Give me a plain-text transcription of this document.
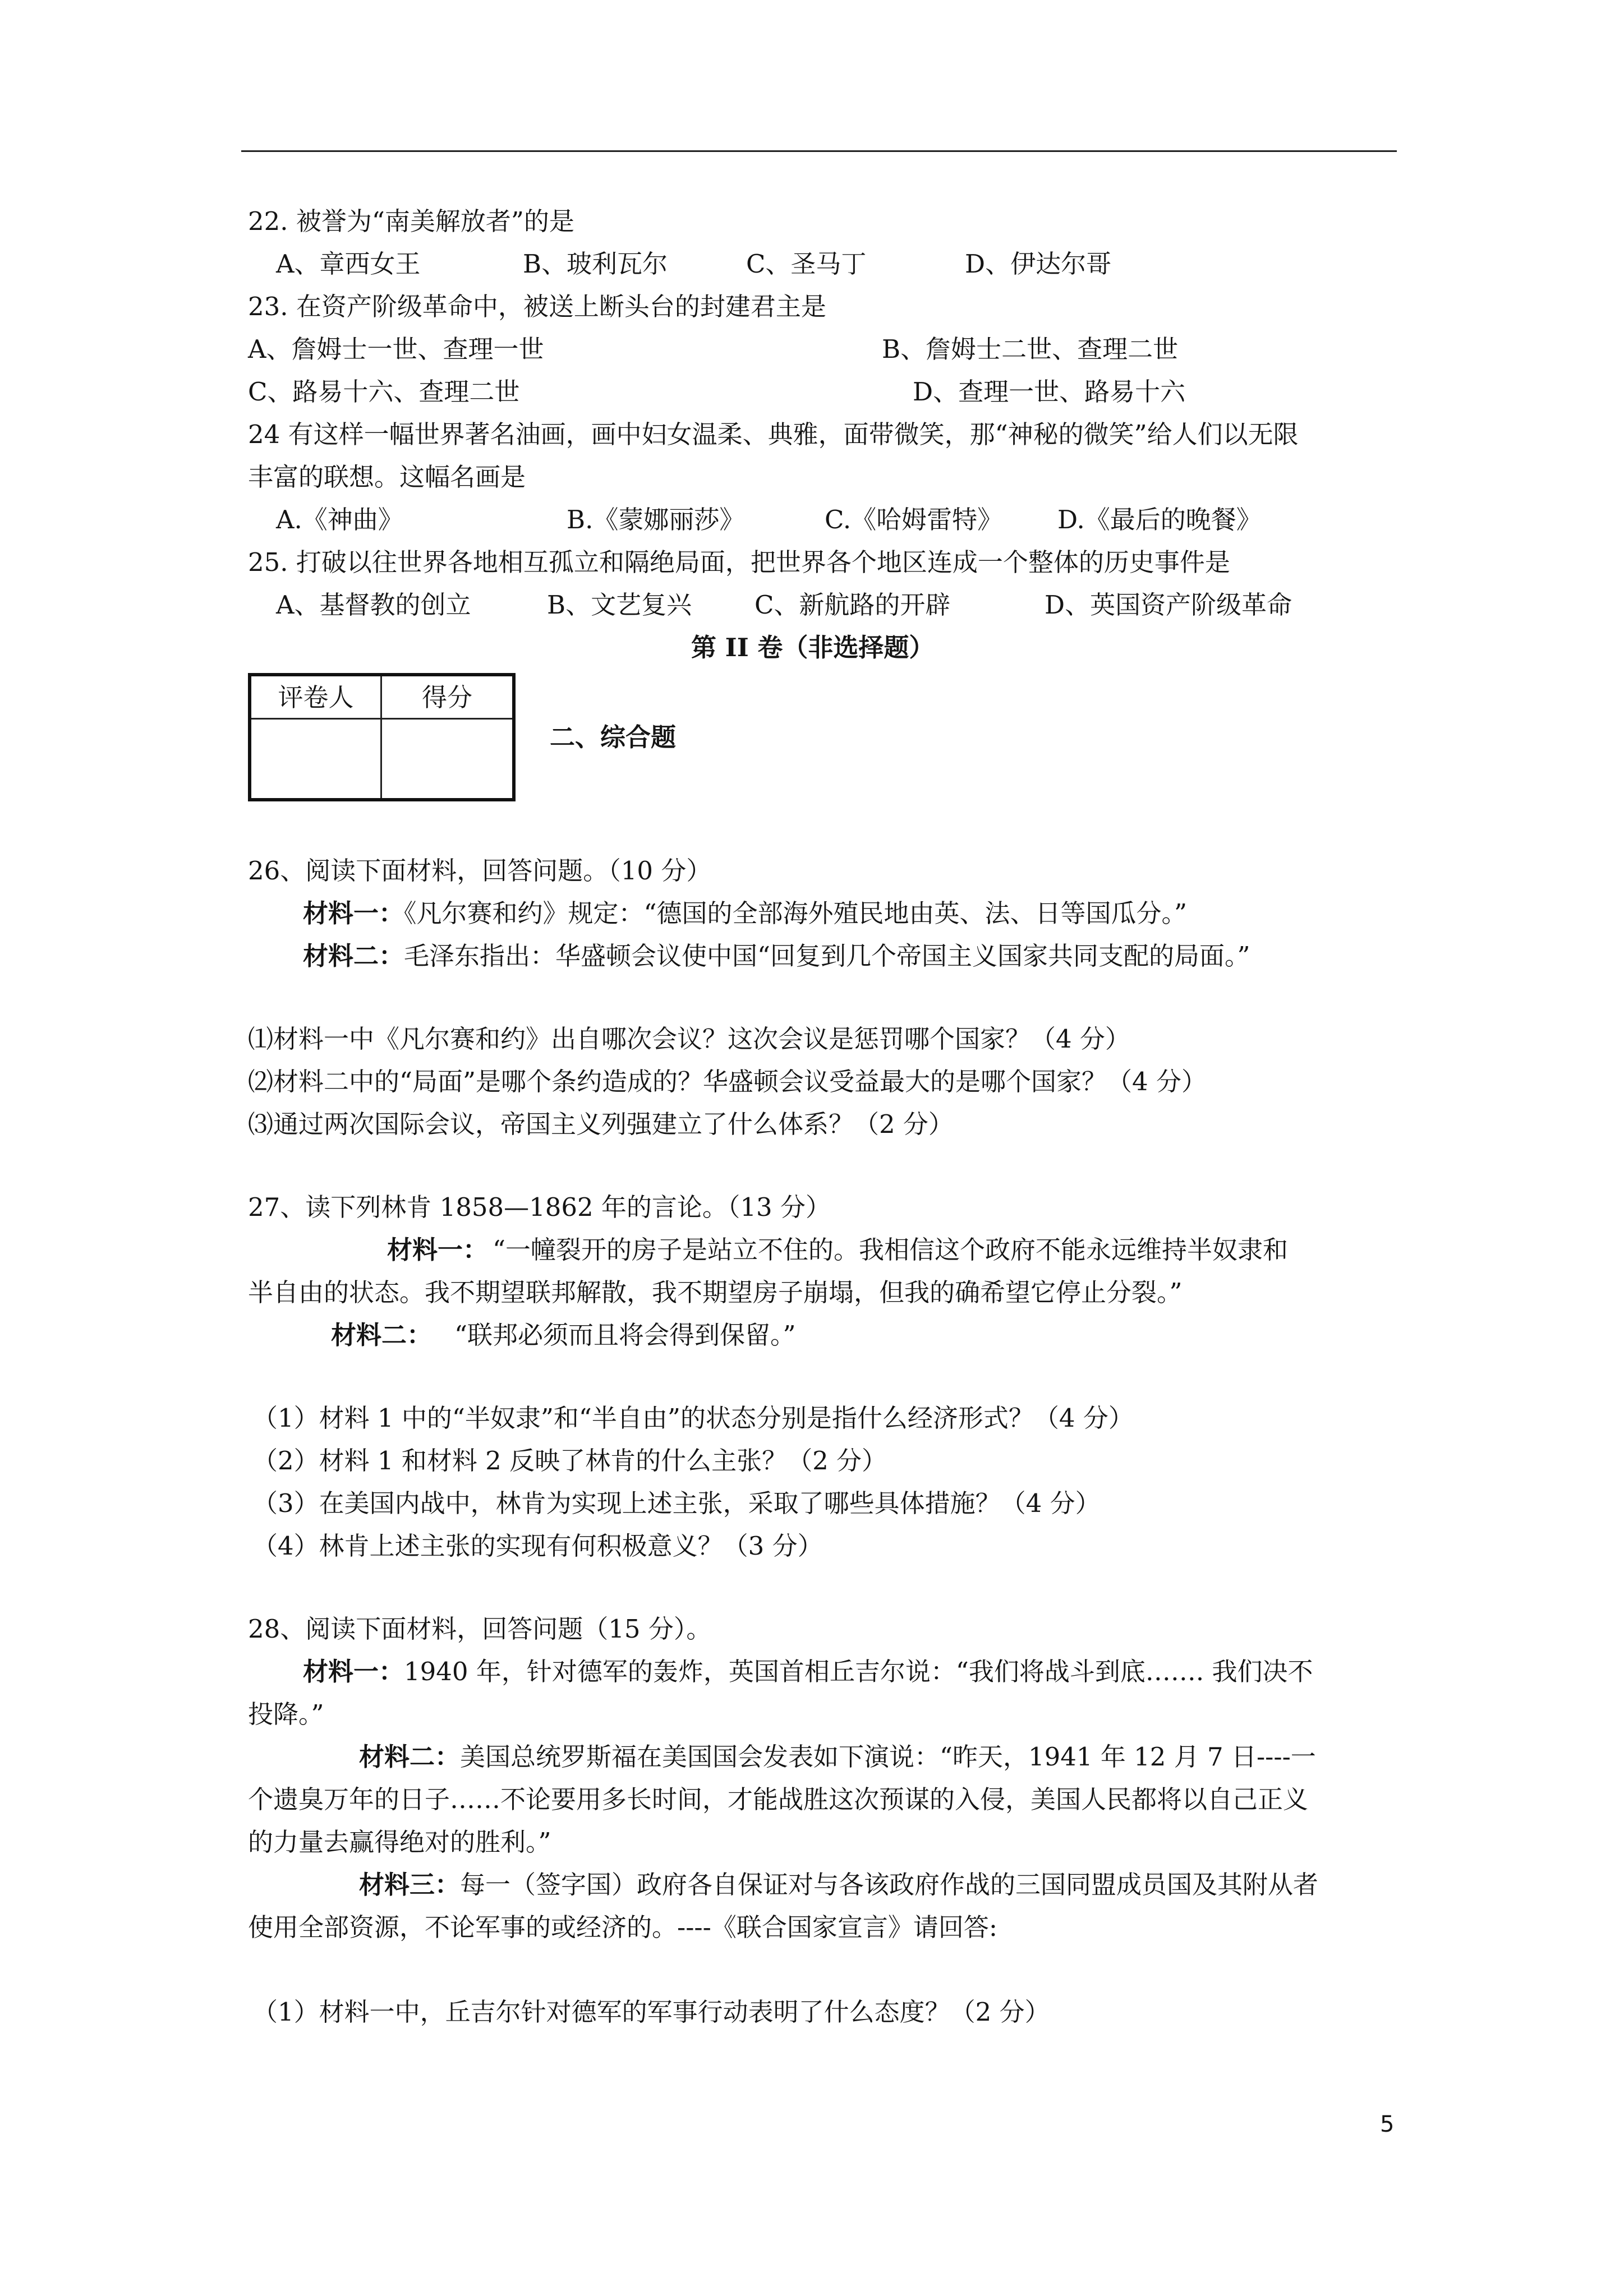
22. 被誉为“南美解放者”的是
A、章西女王	B、玻利瓦尔	C、圣马丁	D、伊达尔哥
23. 在资产阶级革命中，被送上断头台的封建君主是
A、詹姆士一世、查理一世	B、詹姆士二世、查理二世
C、路易十六、查理二世	D、查理一世、路易十六
24 有这样一幅世界著名油画，画中妇女温柔、典雅，面带微笑，那“神秘的微笑”给人们以无限
丰富的联想。这幅名画是
A.《神曲》	B.《蒙娜丽莎》	C.《哈姆雷特》 D.《最后的晚餐》
25. 打破以往世界各地相互孤立和隔绝局面，把世界各个地区连成一个整体的历史事件是
A、基督教的创立	B、文艺复兴 C、新航路的开辟	D、英国资产阶级革命
第 II 卷（非选择题）
评卷人	得分

二、综合题
26、阅读下面材料，回答问题。（10 分）
材料一：《凡尔赛和约》规定：“德国的全部海外殖民地由英、法、日等国瓜分。”
材料二：毛泽东指出：华盛顿会议使中国“回复到几个帝国主义国家共同支配的局面。”
⑴材料一中《凡尔赛和约》出自哪次会议？这次会议是惩罚哪个国家？（4 分）
⑵材料二中的“局面”是哪个条约造成的？华盛顿会议受益最大的是哪个国家？（4 分）
⑶通过两次国际会议，帝国主义列强建立了什么体系？（2 分）
27、读下列林肯 1858—1862 年的言论。（13 分）
材料一： “一幢裂开的房子是站立不住的。我相信这个政府不能永远维持半奴隶和
半自由的状态。我不期望联邦解散，我不期望房子崩塌，但我的确希望它停止分裂。”
材料二： “联邦必须而且将会得到保留。”
（1）材料 1 中的“半奴隶”和“半自由”的状态分别是指什么经济形式？（4 分）
（2）材料 1 和材料 2 反映了林肯的什么主张？（2 分）
（3）在美国内战中，林肯为实现上述主张，采取了哪些具体措施？（4 分）
（4）林肯上述主张的实现有何积极意义？（3 分）
28、阅读下面材料，回答问题（15 分）。
材料一：1940 年，针对德军的轰炸，英国首相丘吉尔说：“我们将战斗到底……. 我们决不
投降。”
材料二：美国总统罗斯福在美国国会发表如下演说：“昨天，1941 年 12 月 7 日----一
个遗臭万年的日子……不论要用多长时间，才能战胜这次预谋的入侵，美国人民都将以自己正义
的力量去赢得绝对的胜利。”
材料三：每一（签字国）政府各自保证对与各该政府作战的三国同盟成员国及其附从者
使用全部资源，不论军事的或经济的。----《联合国家宣言》请回答:
（1）材料一中，丘吉尔针对德军的军事行动表明了什么态度？（2 分）
5
